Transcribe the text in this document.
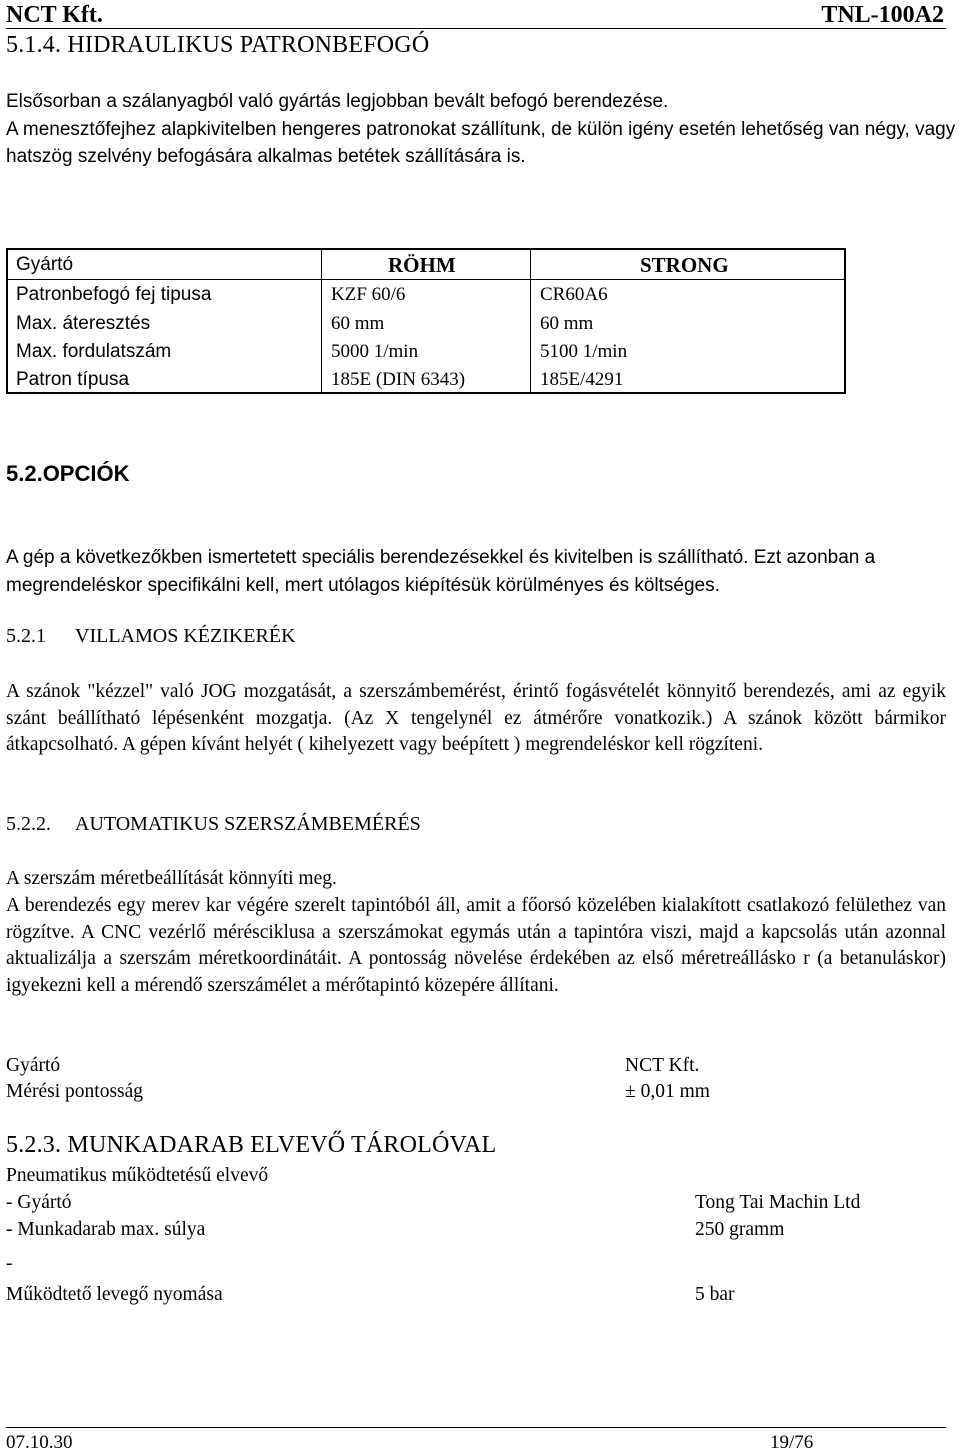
NCT Kft.	TNL-100A2
5.1.4. HIDRAULIKUS PATRONBEFOGÓ
Elsősorban a szálanyagból való gyártás legjobban bevált befogó berendezése.
A menesztőfejhez alapkivitelben hengeres patronokat szállítunk, de külön igény esetén lehetőség van négy, vagy hatszög szelvény befogására alkalmas betétek szállítására is.
Gyártó	RÖHM	STRONG
Patronbefogó fej tipusa	KZF 60/6	CR60A6
Max. áteresztés	60 mm	60 mm
Max. fordulatszám	5000 1/min	5100 1/min
Patron típusa	185E (DIN 6343)	185E/4291
5.2.OPCIÓK
A gép a következőkben ismertetett speciális berendezésekkel és kivitelben is szállítható. Ezt azonban a megrendeléskor specifikálni kell, mert utólagos kiépítésük körülményes és költséges.
5.2.1 VILLAMOS KÉZIKERÉK
A szánok "kézzel" való JOG mozgatását, a szerszámbemérést, érintő fogásvételét könnyitő berendezés, ami az egyik szánt beállítható lépésenként mozgatja. (Az X tengelynél ez átmérőre vonatkozik.) A szánok között bármikor átkapcsolható. A gépen kívánt helyét ( kihelyezett vagy beépített ) megrendeléskor kell rögzíteni.
5.2.2. AUTOMATIKUS SZERSZÁMBEMÉRÉS
A szerszám méretbeállítását könnyíti meg.
A berendezés egy merev kar végére szerelt tapintóból áll, amit a főorsó közelében kialakított csatlakozó felülethez van rögzítve. A CNC vezérlő mérésciklusa a szerszámokat egymás után a tapintóra viszi, majd a kapcsolás után azonnal aktualizálja a szerszám méretkoordinátáit. A pontosság növelése érdekében az első méretreállásko r (a betanuláskor) igyekezni kell a mérendő szerszámélet a mérőtapintó közepére állítani.
Gyártó	NCT Kft.
Mérési pontosság	± 0,01 mm
5.2.3. MUNKADARAB ELVEVŐ TÁROLÓVAL
Pneumatikus működtetésű elvevő
- Gyártó	Tong Tai Machin Ltd
- Munkadarab max. súlya	250 gramm
-
Működtető levegő nyomása	5 bar
07.10.30	19/76
